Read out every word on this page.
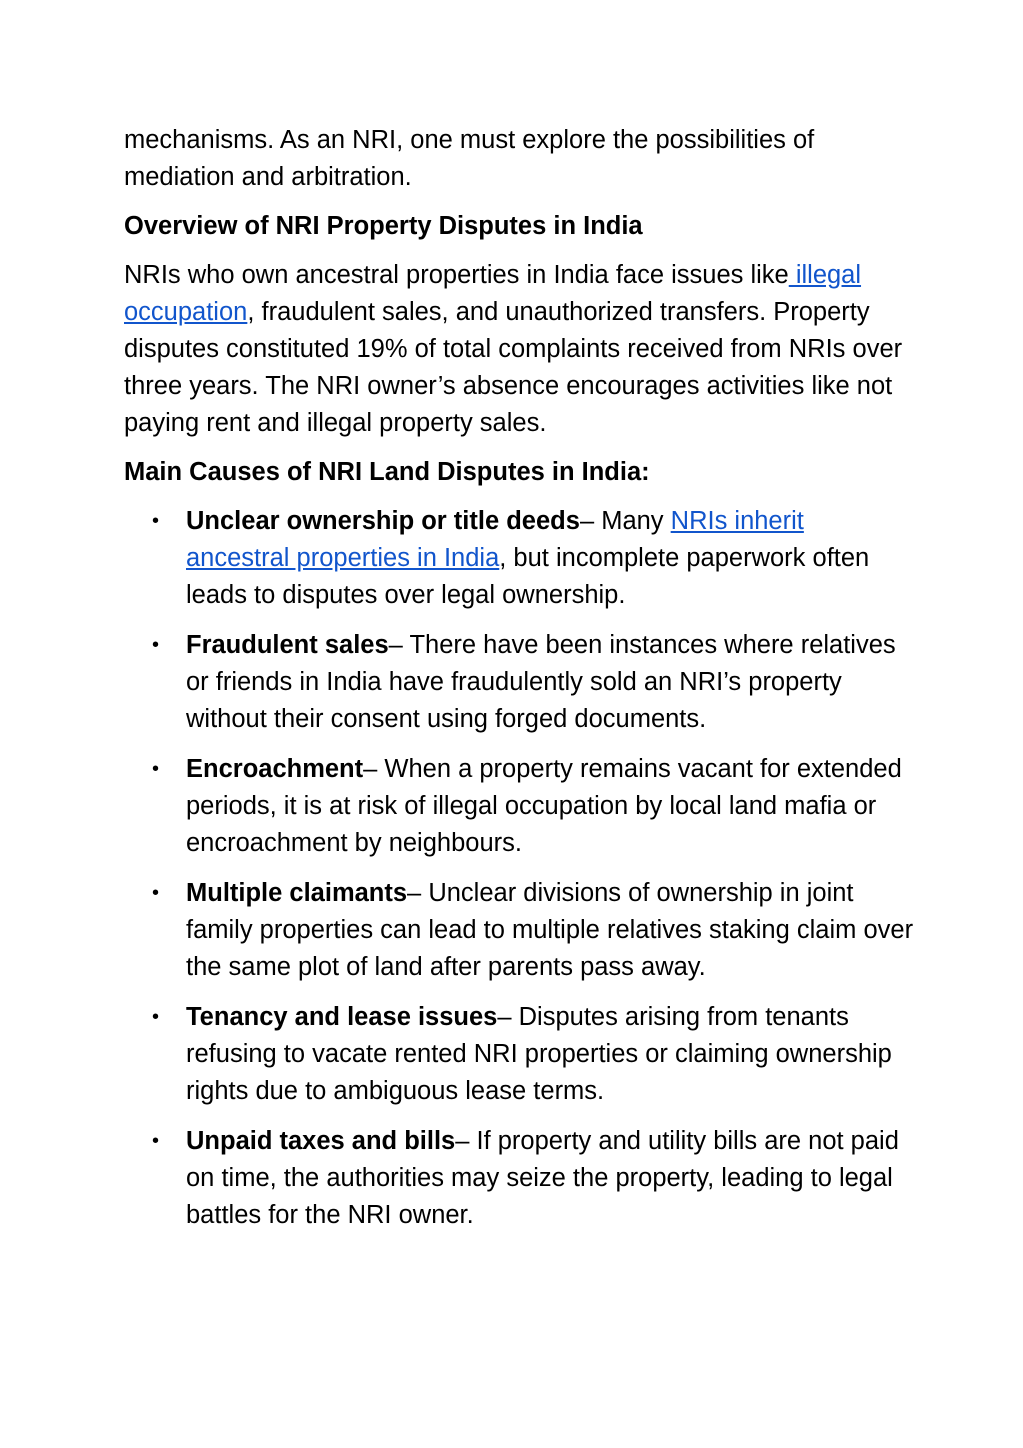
mechanisms. As an NRI, one must explore the possibilities of mediation and arbitration.

Overview of NRI Property Disputes in India

NRIs who own ancestral properties in India face issues like illegal occupation, fraudulent sales, and unauthorized transfers. Property disputes constituted 19% of total complaints received from NRIs over three years. The NRI owner’s absence encourages activities like not paying rent and illegal property sales.

Main Causes of NRI Land Disputes in India:

• Unclear ownership or title deeds– Many NRIs inherit ancestral properties in India, but incomplete paperwork often leads to disputes over legal ownership.
• Fraudulent sales– There have been instances where relatives or friends in India have fraudulently sold an NRI’s property without their consent using forged documents.
• Encroachment– When a property remains vacant for extended periods, it is at risk of illegal occupation by local land mafia or encroachment by neighbours.
• Multiple claimants– Unclear divisions of ownership in joint family properties can lead to multiple relatives staking claim over the same plot of land after parents pass away.
• Tenancy and lease issues– Disputes arising from tenants refusing to vacate rented NRI properties or claiming ownership rights due to ambiguous lease terms.
• Unpaid taxes and bills– If property and utility bills are not paid on time, the authorities may seize the property, leading to legal battles for the NRI owner.
